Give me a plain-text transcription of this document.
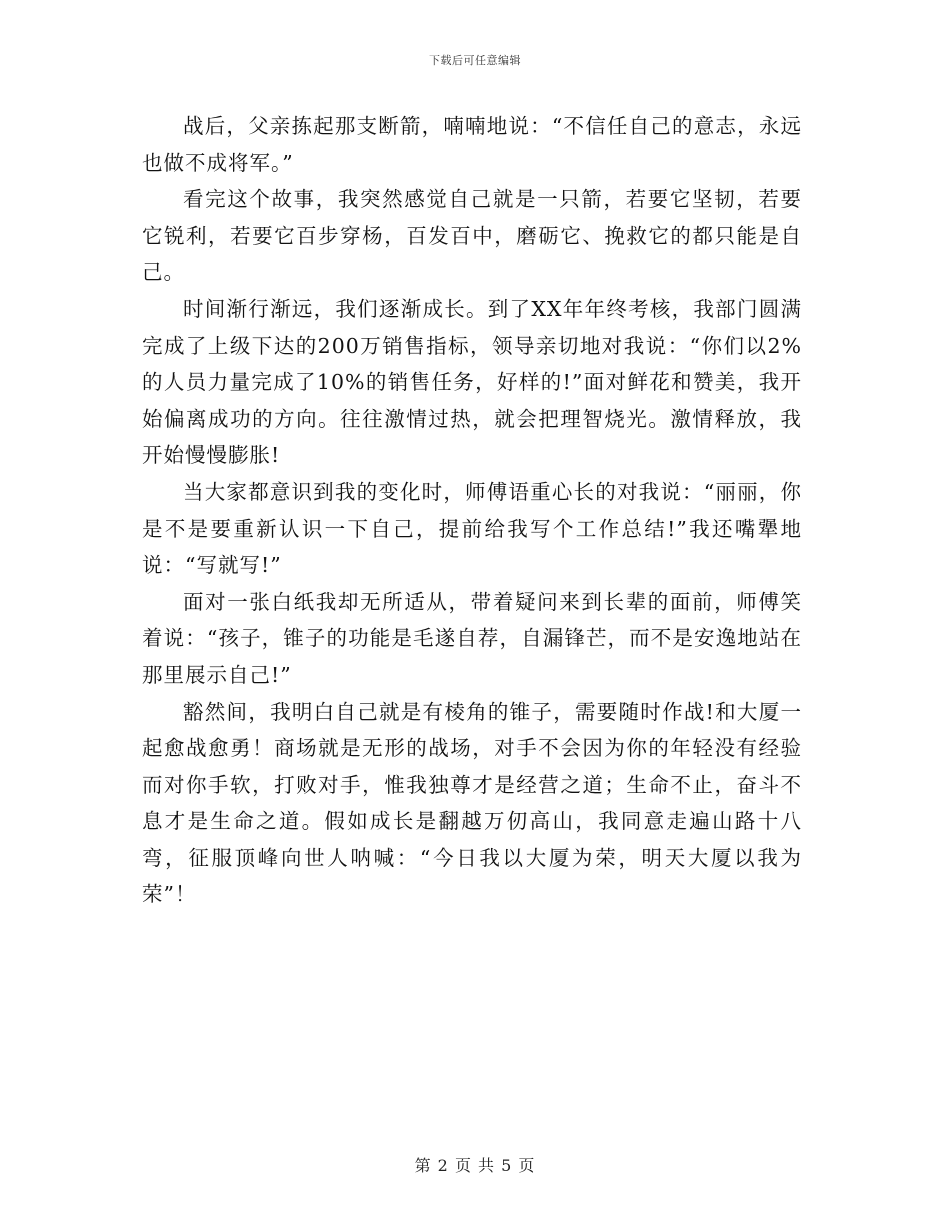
下载后可任意编辑

战后，父亲拣起那支断箭，喃喃地说：“不信任自己的意志，永远也做不成将军。”

看完这个故事，我突然感觉自己就是一只箭，若要它坚韧，若要它锐利，若要它百步穿杨，百发百中，磨砺它、挽救它的都只能是自己。

时间渐行渐远，我们逐渐成长。到了XX年年终考核，我部门圆满完成了上级下达的200万销售指标，领导亲切地对我说：“你们以2%的人员力量完成了10%的销售任务，好样的!”面对鲜花和赞美，我开始偏离成功的方向。往往激情过热，就会把理智烧光。激情释放，我开始慢慢膨胀!

当大家都意识到我的变化时，师傅语重心长的对我说：“丽丽，你是不是要重新认识一下自己，提前给我写个工作总结!”我还嘴犟地说：“写就写!”

面对一张白纸我却无所适从，带着疑问来到长辈的面前，师傅笑着说：“孩子，锥子的功能是毛遂自荐，自漏锋芒，而不是安逸地站在那里展示自己!”

豁然间，我明白自己就是有棱角的锥子，需要随时作战!和大厦一起愈战愈勇！商场就是无形的战场，对手不会因为你的年轻没有经验而对你手软，打败对手，惟我独尊才是经营之道；生命不止，奋斗不息才是生命之道。假如成长是翻越万仞高山，我同意走遍山路十八弯，征服顶峰向世人呐喊：“今日我以大厦为荣，明天大厦以我为荣”！

第 2 页 共 5 页
